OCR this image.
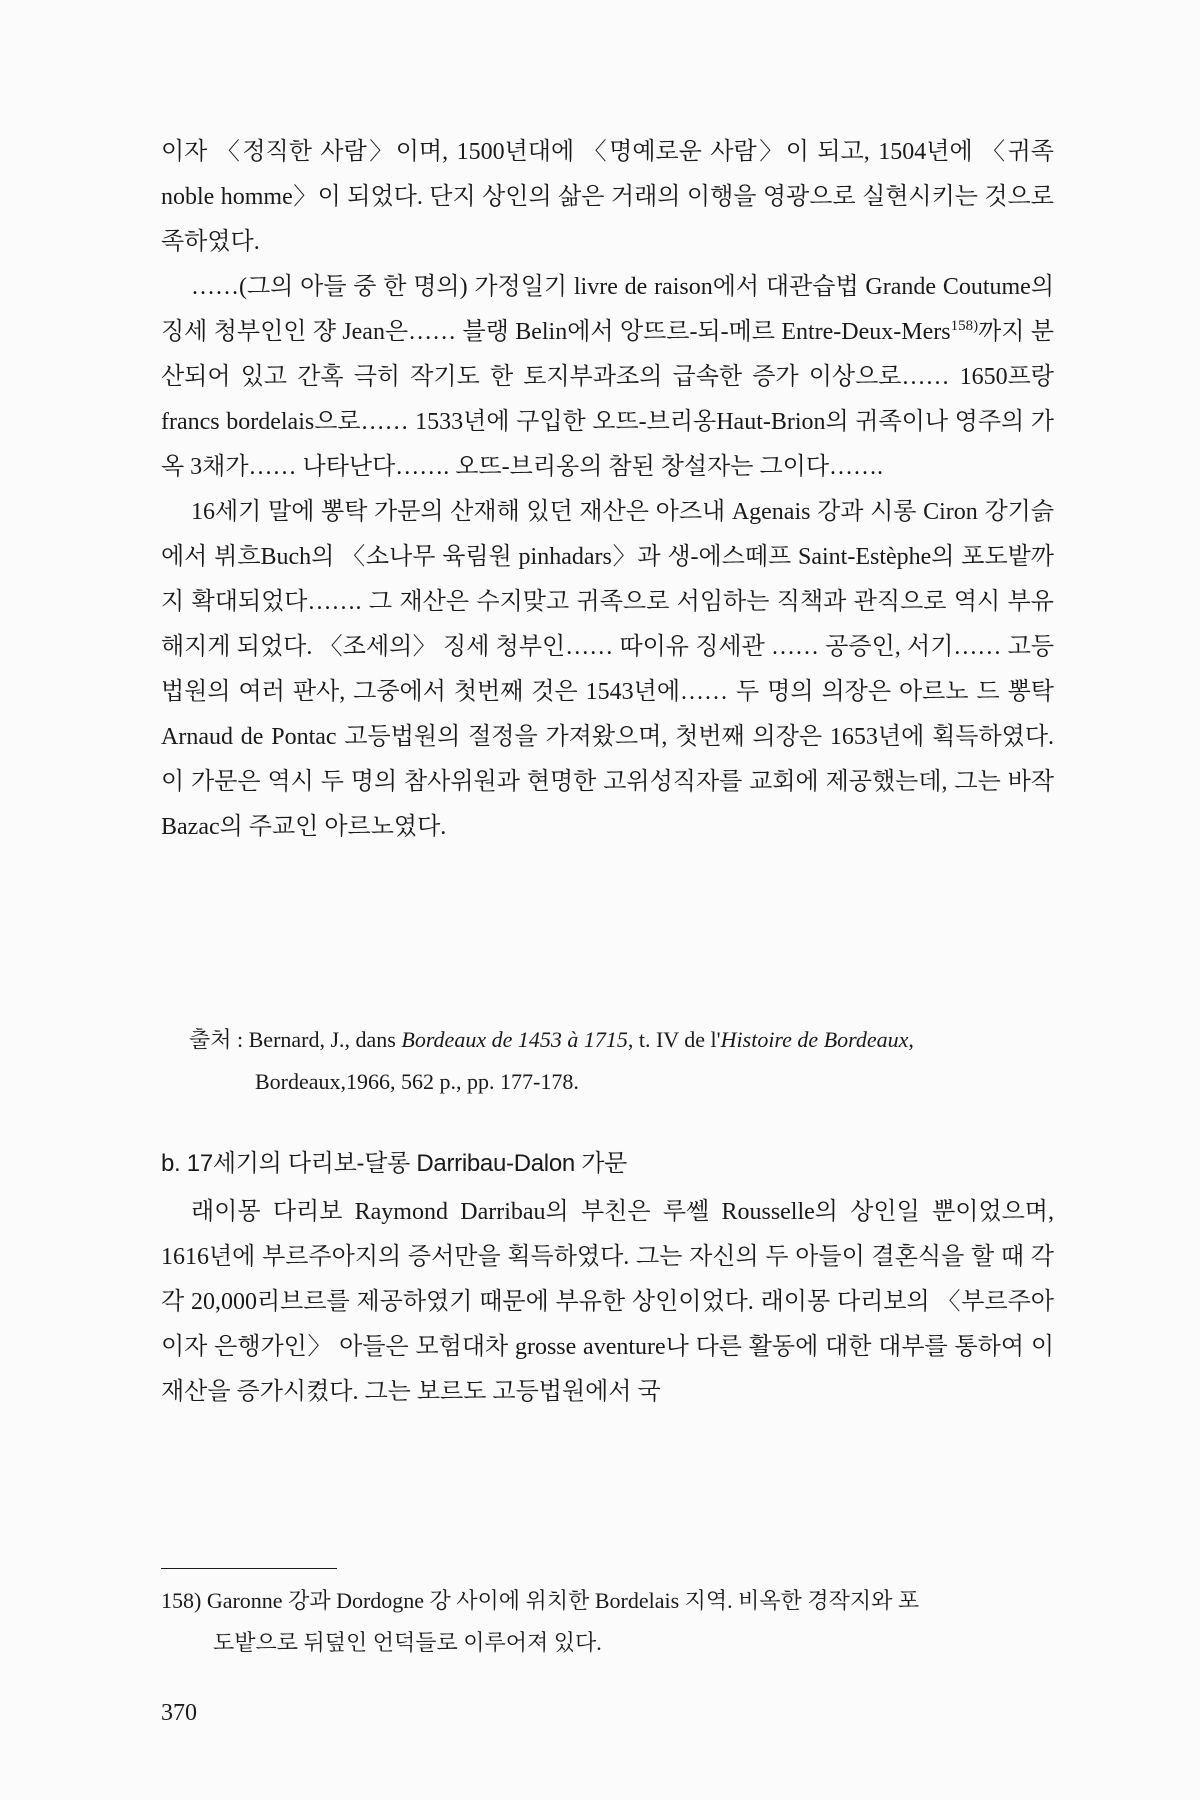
이자 〈정직한 사람〉이며, 1500년대에 〈명예로운 사람〉이 되고, 1504년에 〈귀족 noble homme〉이 되었다. 단지 상인의 삶은 거래의 이행을 영광으로 실현시키는 것으로 족하였다.

……(그의 아들 중 한 명의) 가정일기 livre de raison에서 대관습법 Grande Coutume의 징세 청부인인 쟝 Jean은…… 블랭 Belin에서 앙뜨르-되-메르 Entre-Deux-Mers$^{158)}$까지 분산되어 있고 간혹 극히 작기도 한 토지부과조의 급속한 증가 이상으로…… 1650프랑 francs bordelais으로…… 1533년에 구입한 오뜨-브리옹Haut-Brion의 귀족이나 영주의 가옥 3채가…… 나타난다……. 오뜨-브리옹의 참된 창설자는 그이다…….

16세기 말에 뽕탁 가문의 산재해 있던 재산은 아즈내 Agenais 강과 시롱 Ciron 강기슭에서 뷔흐Buch의 〈소나무 육림원 pinhadars〉과 생-에스떼프 Saint-Estèphe의 포도밭까지 확대되었다……. 그 재산은 수지맞고 귀족으로 서임하는 직책과 관직으로 역시 부유해지게 되었다. 〈조세의〉 징세 청부인…… 따이유 징세관 …… 공증인, 서기…… 고등법원의 여러 판사, 그중에서 첫번째 것은 1543년에…… 두 명의 의장은 아르노 드 뽕탁 Arnaud de Pontac 고등법원의 절정을 가져왔으며, 첫번째 의장은 1653년에 획득하였다. 이 가문은 역시 두 명의 참사위원과 현명한 고위성직자를 교회에 제공했는데, 그는 바작 Bazac의 주교인 아르노였다.

출처 : Bernard, J., dans Bordeaux de 1453 à 1715, t. IV de l'Histoire de Bordeaux,
Bordeaux,1966, 562 p., pp. 177-178.
b. 17세기의 다리보-달롱 Darribau-Dalon 가문

래이몽 다리보 Raymond Darribau의 부친은 루쎌 Rousselle의 상인일 뿐이었으며, 1616년에 부르주아지의 증서만을 획득하였다. 그는 자신의 두 아들이 결혼식을 할 때 각각 20,000리브르를 제공하였기 때문에 부유한 상인이었다. 래이몽 다리보의 〈부르주아이자 은행가인〉 아들은 모험대차 grosse aventure나 다른 활동에 대한 대부를 통하여 이 재산을 증가시켰다. 그는 보르도 고등법원에서 국

158) Garonne 강과 Dordogne 강 사이에 위치한 Bordelais 지역. 비옥한 경작지와 포
도밭으로 뒤덮인 언덕들로 이루어져 있다.
370
